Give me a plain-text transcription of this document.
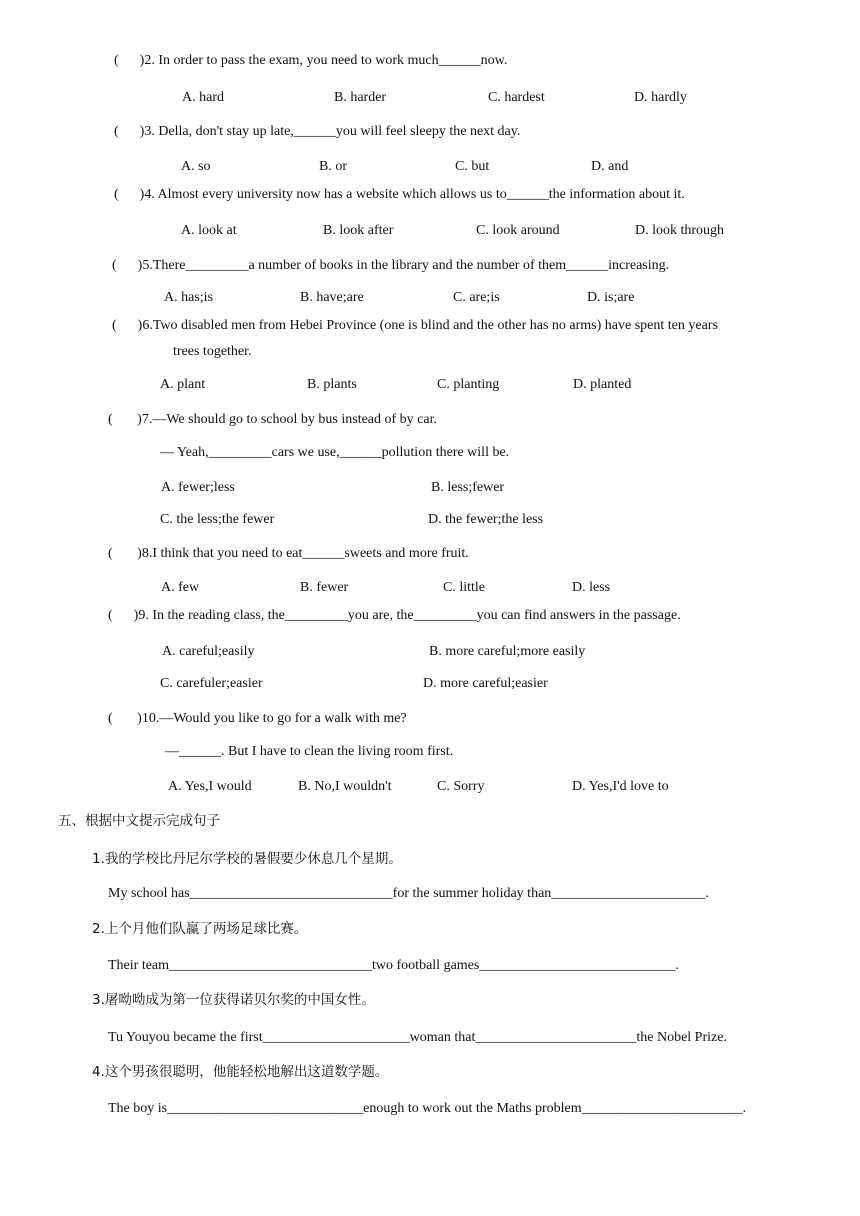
(      )2. In order to pass the exam, you need to work much______now.
A. hard	B. harder	C. hardest	D. hardly
(      )3. Della, don't stay up late,______you will feel sleepy the next day.
A. so	B. or	C. but	D. and
(      )4. Almost every university now has a website which allows us to______the information about it.
A. look at	B. look after	C. look around	D. look through
(      )5.There_________a number of books in the library and the number of them______increasing.
A. has;is	B. have;are	C. are;is	D. is;are
(      )6.Two disabled men from Hebei Province (one is blind and the other has no arms) have spent ten years
trees together.
A. plant	B. plants	C. planting	D. planted
(       )7.—We should go to school by bus instead of by car.
— Yeah,_________cars we use,______pollution there will be.
A. fewer;less	B. less;fewer
C. the less;the fewer	D. the fewer;the less
(       )8.I think that you need to eat______sweets and more fruit.
A. few	B. fewer	C. little	D. less
(      )9. In the reading class, the_________you are, the_________you can find answers in the passage.
A. careful;easily	B. more careful;more easily
C. carefuler;easier	D. more careful;easier
(       )10.—Would you like to go for a walk with me?
—______. But I have to clean the living room first.
A. Yes,I would	B. No,I wouldn't	C. Sorry	D. Yes,I'd love to
五、根据中文提示完成句子
1.我的学校比丹尼尔学校的暑假要少休息几个星期。
My school has_____________________________for the summer holiday than______________________.
2.上个月他们队赢了两场足球比赛。
Their team_____________________________two football games____________________________.
3.屠呦呦成为第一位获得诺贝尔奖的中国女性。
Tu Youyou became the first_____________________woman that_______________________the Nobel Prize.
4.这个男孩很聪明，他能轻松地解出这道数学题。
The boy is____________________________enough to work out the Maths problem_______________________.
